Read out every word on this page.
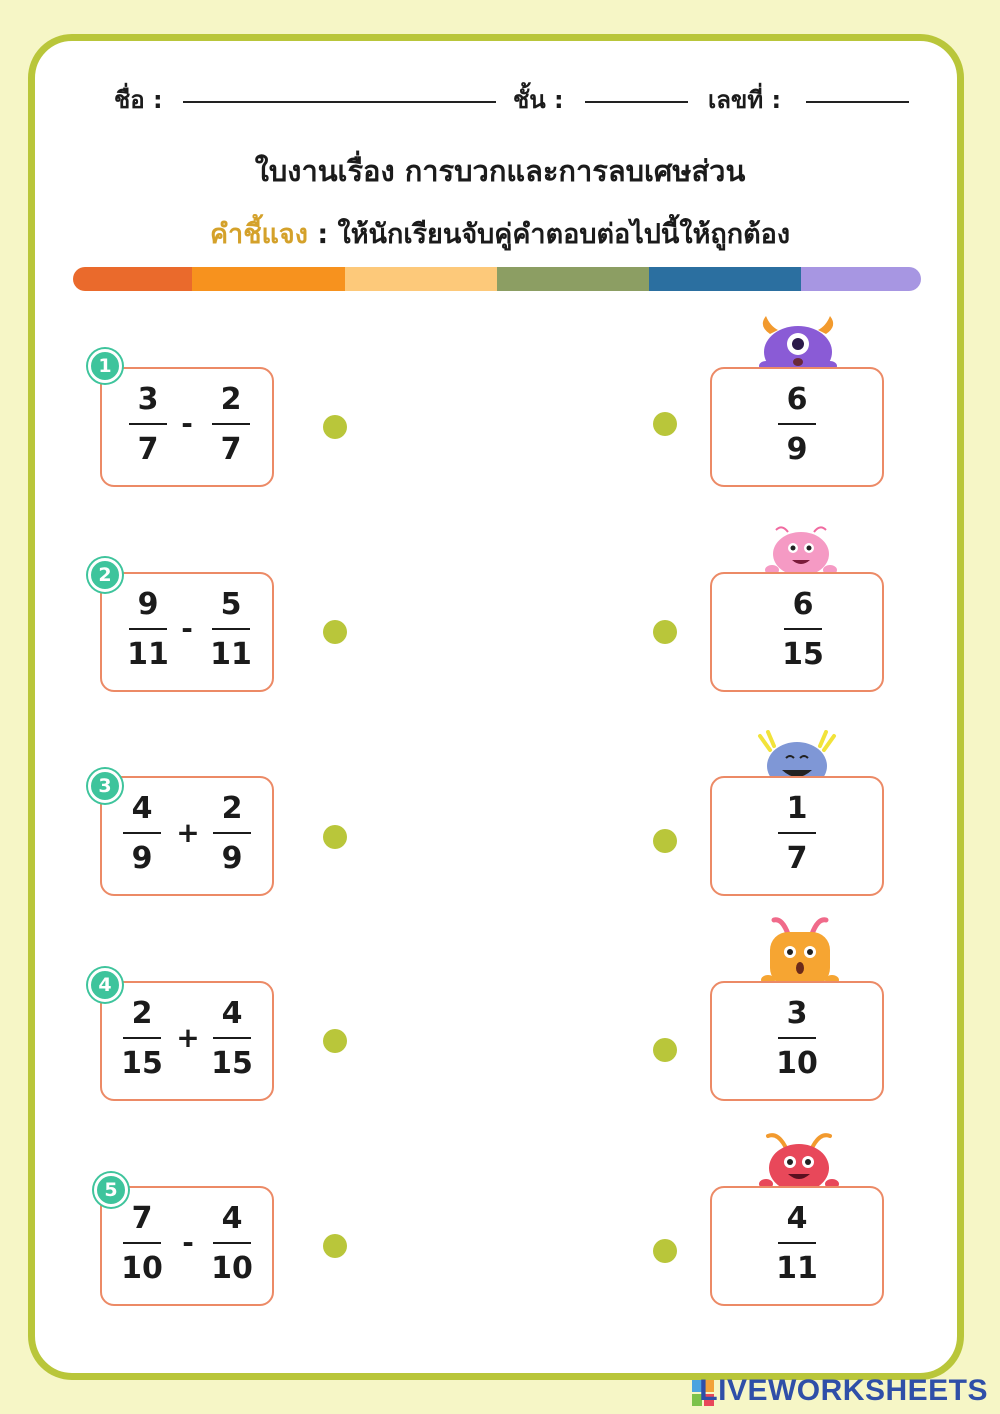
ชื่อ :	ชั้น :	เลขที่ :
ใบงานเรื่อง การบวกและการลบเศษส่วน
คำชี้แจง : ให้นักเรียนจับคู่คำตอบต่อไปนี้ให้ถูกต้อง
3
7
-
2
7
1
9
11
-
5
11
2
4
9
+
2
9
3
2
15
+
4
15
4
7
10
-
4
10
5
6
9
6
15
1
7
3
10
4
11
LIVEWORKSHEETS
